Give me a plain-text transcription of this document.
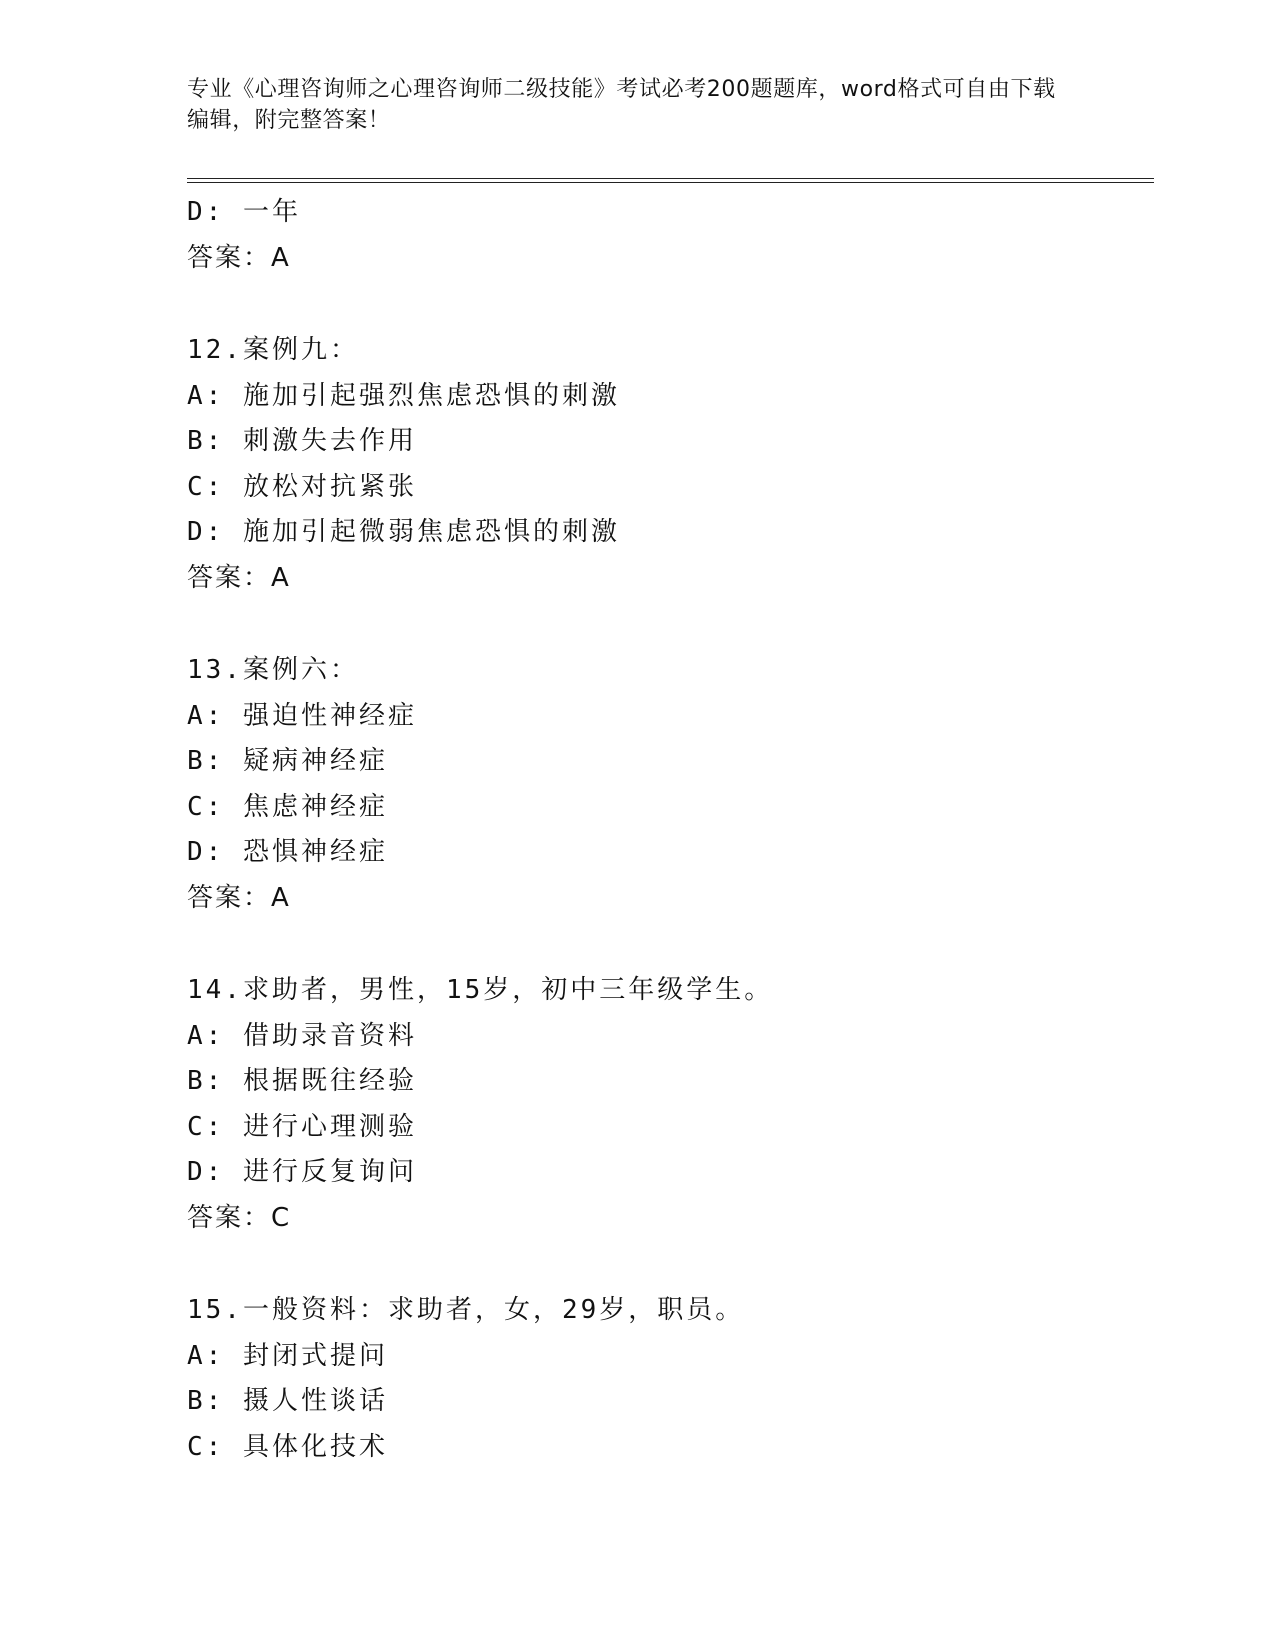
专业《心理咨询师之心理咨询师二级技能》考试必考200题题库，word格式可自由下载编辑，附完整答案！
D: 一年
答案：A
12.案例九：
A: 施加引起强烈焦虑恐惧的刺激
B: 刺激失去作用
C: 放松对抗紧张
D: 施加引起微弱焦虑恐惧的刺激
答案：A
13.案例六：
A: 强迫性神经症
B: 疑病神经症
C: 焦虑神经症
D: 恐惧神经症
答案：A
14.求助者，男性，15岁，初中三年级学生。
A: 借助录音资料
B: 根据既往经验
C: 进行心理测验
D: 进行反复询问
答案：C
15.一般资料：求助者，女，29岁，职员。
A: 封闭式提问
B: 摄人性谈话
C: 具体化技术
